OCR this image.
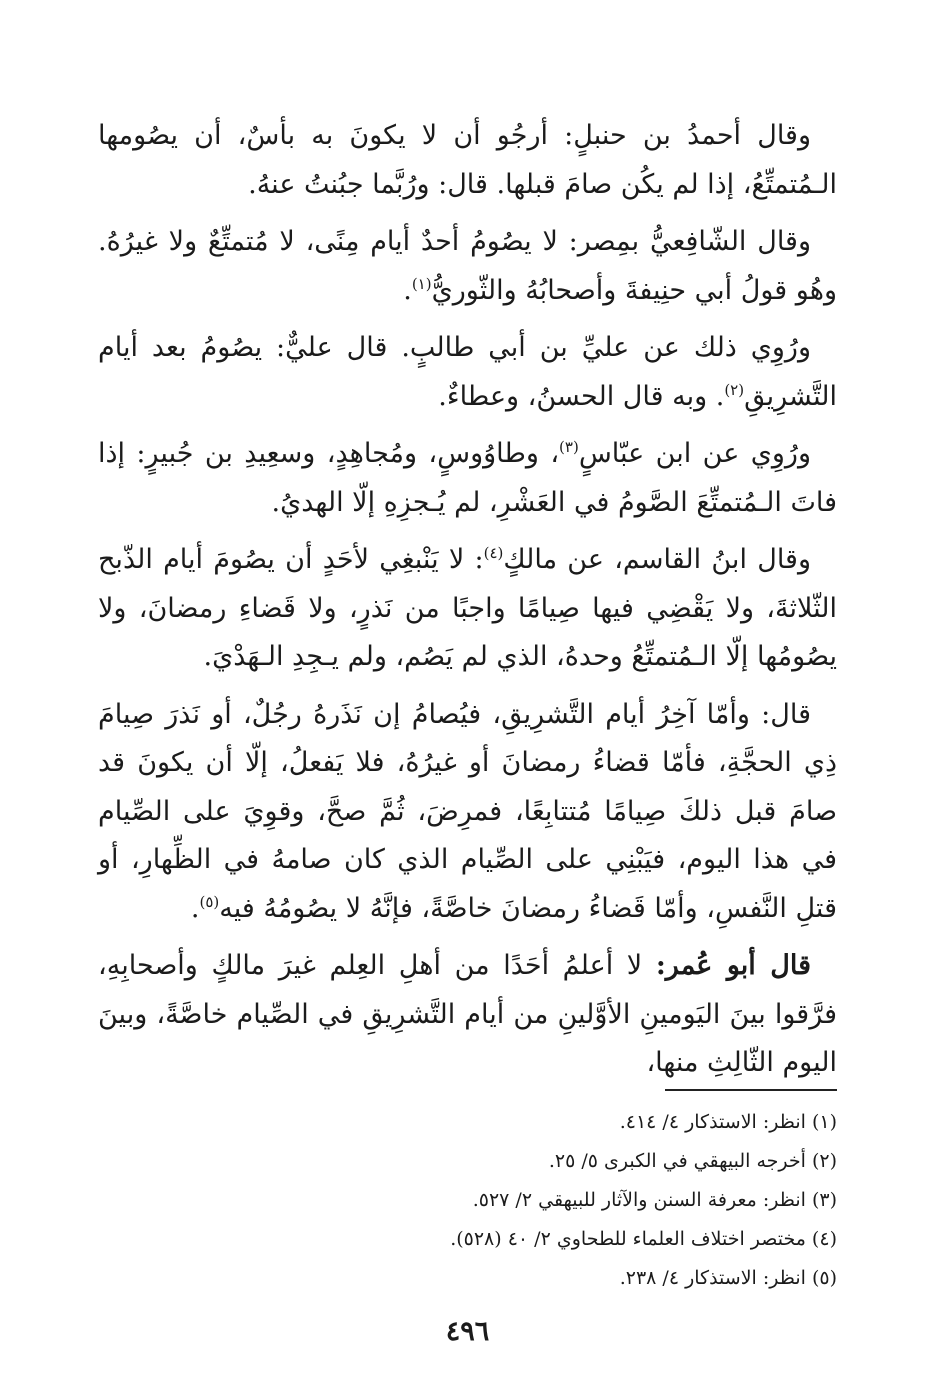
وقال أحمدُ بن حنبلٍ: أرجُو أن لا يكونَ به بأسٌ، أن يصُومها الـمُتمتِّعُ، إذا لم يكُن صامَ قبلها. قال: ورُبَّما جبُنتُ عنهُ.

وقال الشّافِعيُّ بمِصر: لا يصُومُ أحدٌ أيام مِنًى، لا مُتمتِّعٌ ولا غيرُهُ. وهُو قولُ أبي حنِيفةَ وأصحابُهُ والثّوريُّ$^{(١)}$.

ورُوِي ذلك عن عليِّ بن أبي طالبٍ. قال عليٌّ: يصُومُ بعد أيام التَّشرِيقِ$^{(٢)}$. وبه قال الحسنُ، وعطاءٌ.

ورُوِي عن ابن عبّاسٍ$^{(٣)}$، وطاوُوسٍ، ومُجاهِدٍ، وسعِيدِ بن جُبيرٍ: إذا فاتَ الـمُتمتِّعَ الصَّومُ في العَشْرِ، لم يُـجزِهِ إلّا الهديُ.

وقال ابنُ القاسم، عن مالكٍ$^{(٤)}$: لا يَنْبغِي لأحَدٍ أن يصُومَ أيام الذّبح الثّلاثةَ، ولا يَقْضِي فيها صِيامًا واجبًا من نَذرٍ، ولا قَضاءِ رمضانَ، ولا يصُومُها إلّا الـمُتمتِّعُ وحدهُ، الذي لم يَصُم، ولم يـجِدِ الـهَدْيَ.

قال: وأمّا آخِرُ أيام التَّشرِيقِ، فيُصامُ إن نَذَرهُ رجُلٌ، أو نَذرَ صِيامَ ذِي الحجَّةِ، فأمّا قضاءُ رمضانَ أو غيرُهُ، فلا يَفعلُ، إلّا أن يكونَ قد صامَ قبل ذلكَ صِيامًا مُتتابِعًا، فمرِضَ، ثُمَّ صحَّ، وقوِيَ على الصِّيام في هذا اليوم، فيَبْنِي على الصِّيام الذي كان صامهُ في الظِّهارِ، أو قتلِ النَّفسِ، وأمّا قَضاءُ رمضانَ خاصَّةً، فإنَّهُ لا يصُومُهُ فيه$^{(٥)}$.

قال أبو عُمر: لا أعلمُ أحَدًا من أهلِ العِلم غيرَ مالكٍ وأصحابِهِ، فرَّقوا بينَ اليَومينِ الأوَّلينِ من أيام التَّشرِيقِ في الصِّيام خاصَّةً، وبينَ اليوم الثّالِثِ منها،

(١) انظر: الاستذكار ٤/ ٤١٤.

(٢) أخرجه البيهقي في الكبرى ٥/ ٢٥.

(٣) انظر: معرفة السنن والآثار للبيهقي ٢/ ٥٢٧.

(٤) مختصر اختلاف العلماء للطحاوي ٢/ ٤٠ (٥٢٨).

(٥) انظر: الاستذكار ٤/ ٢٣٨.

٤٩٦
